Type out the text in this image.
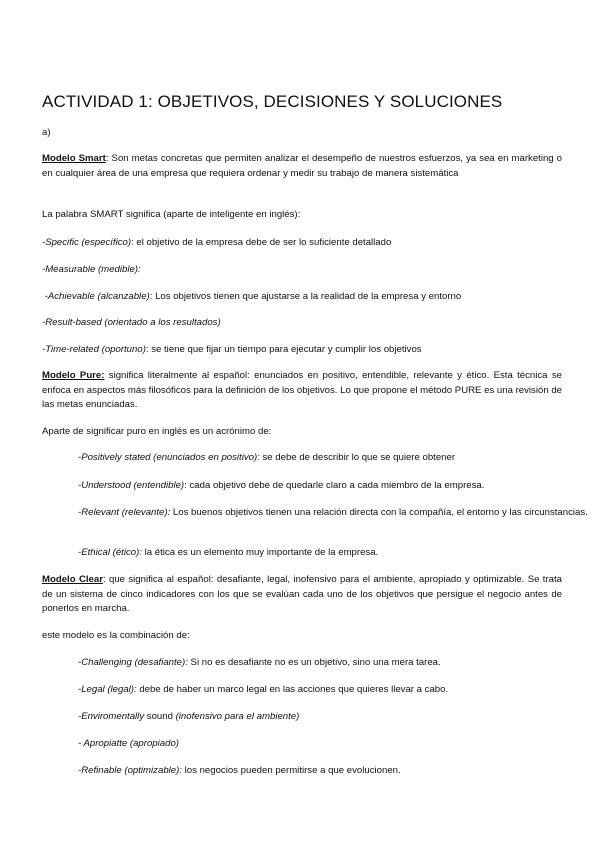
ACTIVIDAD 1: OBJETIVOS, DECISIONES Y SOLUCIONES
a)
Modelo Smart: Son metas concretas que permiten analizar el desempeño de nuestros esfuerzos, ya sea en marketing o en cualquier área de una empresa que requiera ordenar y medir su trabajo de manera sistemática
La palabra SMART significa (aparte de inteligente en inglés):
-Specific (específico): el objetivo de la empresa debe de ser lo suficiente detallado
-Measurable (medible):
-Achievable (alcanzable): Los objetivos tienen que ajustarse a la realidad de la empresa y entorno
-Result-based (orientado a los resultados)
-Time-related (oportuno): se tiene que fijar un tiempo para ejecutar y cumplir los objetivos
Modelo Pure: significa literalmente al español: enunciados en positivo, entendible, relevante y ético. Esta técnica se enfoca en aspectos más filosóficos para la definición de los objetivos. Lo que propone el método PURE es una revisión de las metas enunciadas.
Aparte de significar puro en inglés es un acrónimo de:
-Positively stated (enunciados en positivo): se debe de describir lo que se quiere obtener
-Understood (entendible): cada objetivo debe de quedarle claro a cada miembro de la empresa.
-Relevant (relevante): Los buenos objetivos tienen una relación directa con la compañía, el entorno y las circunstancias.
-Ethical (ético): la ética es un elemento muy importante de la empresa.
Modelo Clear: que significa al español: desafiante, legal, inofensivo para el ambiente, apropiado y optimizable. Se trata de un sistema de cinco indicadores con los que se evalúan cada uno de los objetivos que persigue el negocio antes de ponerlos en marcha.
este modelo es la combinación de:
-Challenging (desafiante): Si no es desafiante no es un objetivo, sino una mera tarea.
-Legal (legal): debe de haber un marco legal en las acciones que quieres llevar a cabo.
-Enviromentally sound (inofensivo para el ambiente)
- Apropiatte (apropiado)
-Refinable (optimizable): los negocios pueden permitirse a que evolucionen.
